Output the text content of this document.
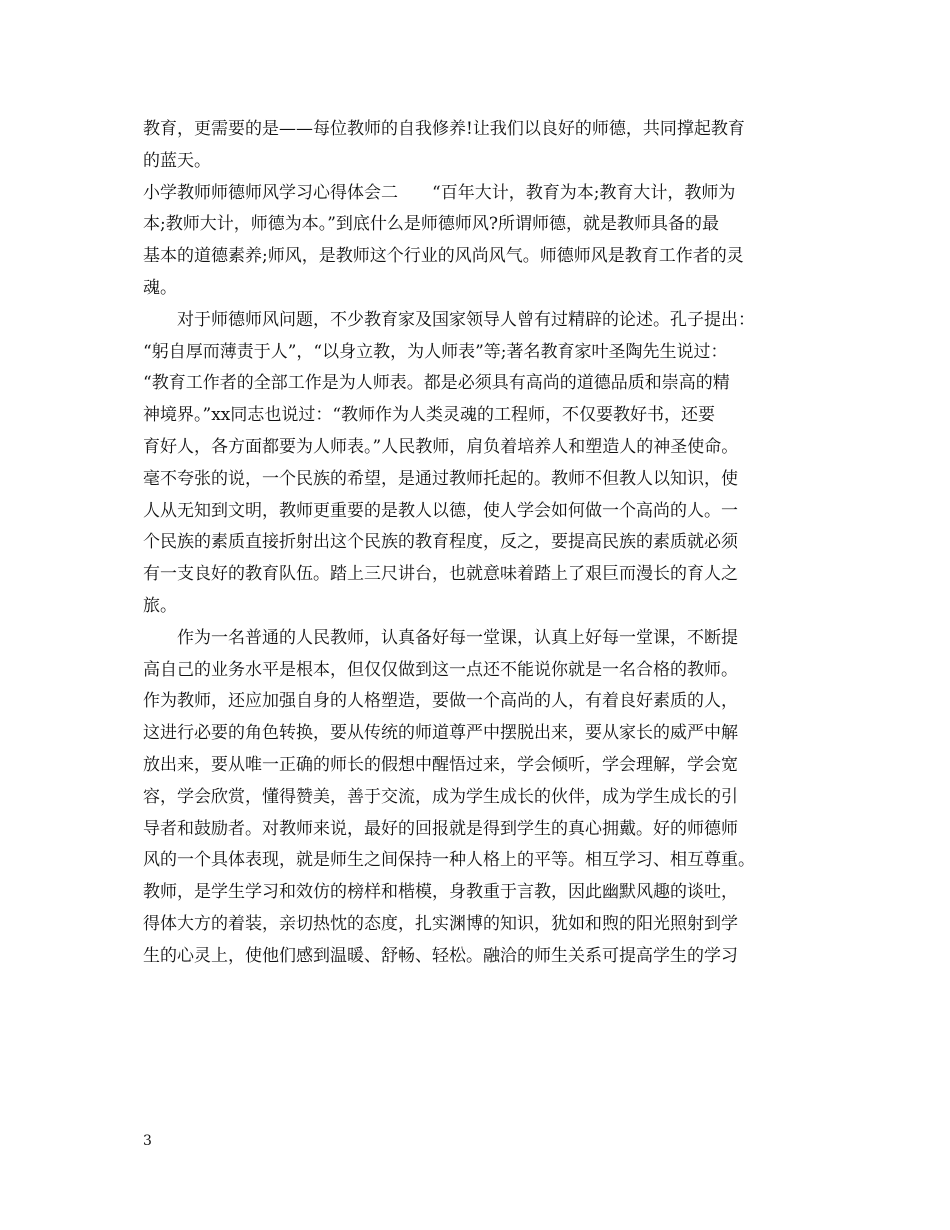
教育，更需要的是——每位教师的自我修养!让我们以良好的师德，共同撑起教育
的蓝天。
小学教师师德师风学习心得体会二　　“百年大计，教育为本;教育大计，教师为
本;教师大计，师德为本。”到底什么是师德师风?所谓师德，就是教师具备的最
基本的道德素养;师风，是教师这个行业的风尚风气。师德师风是教育工作者的灵
魂。
　　对于师德师风问题，不少教育家及国家领导人曾有过精辟的论述。孔子提出：
“躬自厚而薄责于人”，“以身立教，为人师表”等;著名教育家叶圣陶先生说过：
“教育工作者的全部工作是为人师表。都是必须具有高尚的道德品质和崇高的精
神境界。”xx同志也说过：“教师作为人类灵魂的工程师，不仅要教好书，还要
育好人，各方面都要为人师表。”人民教师，肩负着培养人和塑造人的神圣使命。
毫不夸张的说，一个民族的希望，是通过教师托起的。教师不但教人以知识，使
人从无知到文明，教师更重要的是教人以德，使人学会如何做一个高尚的人。一
个民族的素质直接折射出这个民族的教育程度，反之，要提高民族的素质就必须
有一支良好的教育队伍。踏上三尺讲台，也就意味着踏上了艰巨而漫长的育人之
旅。
　　作为一名普通的人民教师，认真备好每一堂课，认真上好每一堂课，不断提
高自己的业务水平是根本，但仅仅做到这一点还不能说你就是一名合格的教师。
作为教师，还应加强自身的人格塑造，要做一个高尚的人，有着良好素质的人，
这进行必要的角色转换，要从传统的师道尊严中摆脱出来，要从家长的威严中解
放出来，要从唯一正确的师长的假想中醒悟过来，学会倾听，学会理解，学会宽
容，学会欣赏，懂得赞美，善于交流，成为学生成长的伙伴，成为学生成长的引
导者和鼓励者。对教师来说，最好的回报就是得到学生的真心拥戴。好的师德师
风的一个具体表现，就是师生之间保持一种人格上的平等。相互学习、相互尊重。
教师，是学生学习和效仿的榜样和楷模，身教重于言教，因此幽默风趣的谈吐，
得体大方的着装，亲切热忱的态度，扎实渊博的知识，犹如和煦的阳光照射到学
生的心灵上，使他们感到温暖、舒畅、轻松。融洽的师生关系可提高学生的学习
3
